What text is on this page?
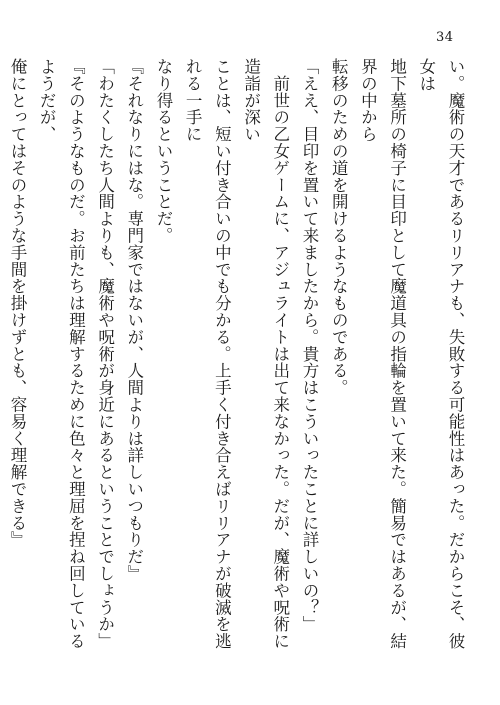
34

い。魔術の天才であるリリアナも、失敗する可能性はあった。だからこそ、彼女は

地下墓所の椅子に目印として魔道具の指輪を置いて来た。簡易ではあるが、結界の中から

転移のための道を開けるようなものである。

「ええ、目印を置いて来ましたから。貴方はこういったことに詳しいの？」

　前世の乙女ゲームに、アジュライトは出て来なかった。だが、魔術や呪術に造詣が深い

ことは、短い付き合いの中でも分かる。上手く付き合えばリリアナが破滅を逃れる一手に

なり得るということだ。

『それなりにはな。専門家ではないが、人間よりは詳しいつもりだ』

「わたくしたち人間よりも、魔術や呪術が身近にあるということでしょうか」

『そのようなものだ。お前たちは理解するために色々と理屈を捏ね回しているようだが、

俺にとってはそのような手間を掛けずとも、容易く理解できる』
